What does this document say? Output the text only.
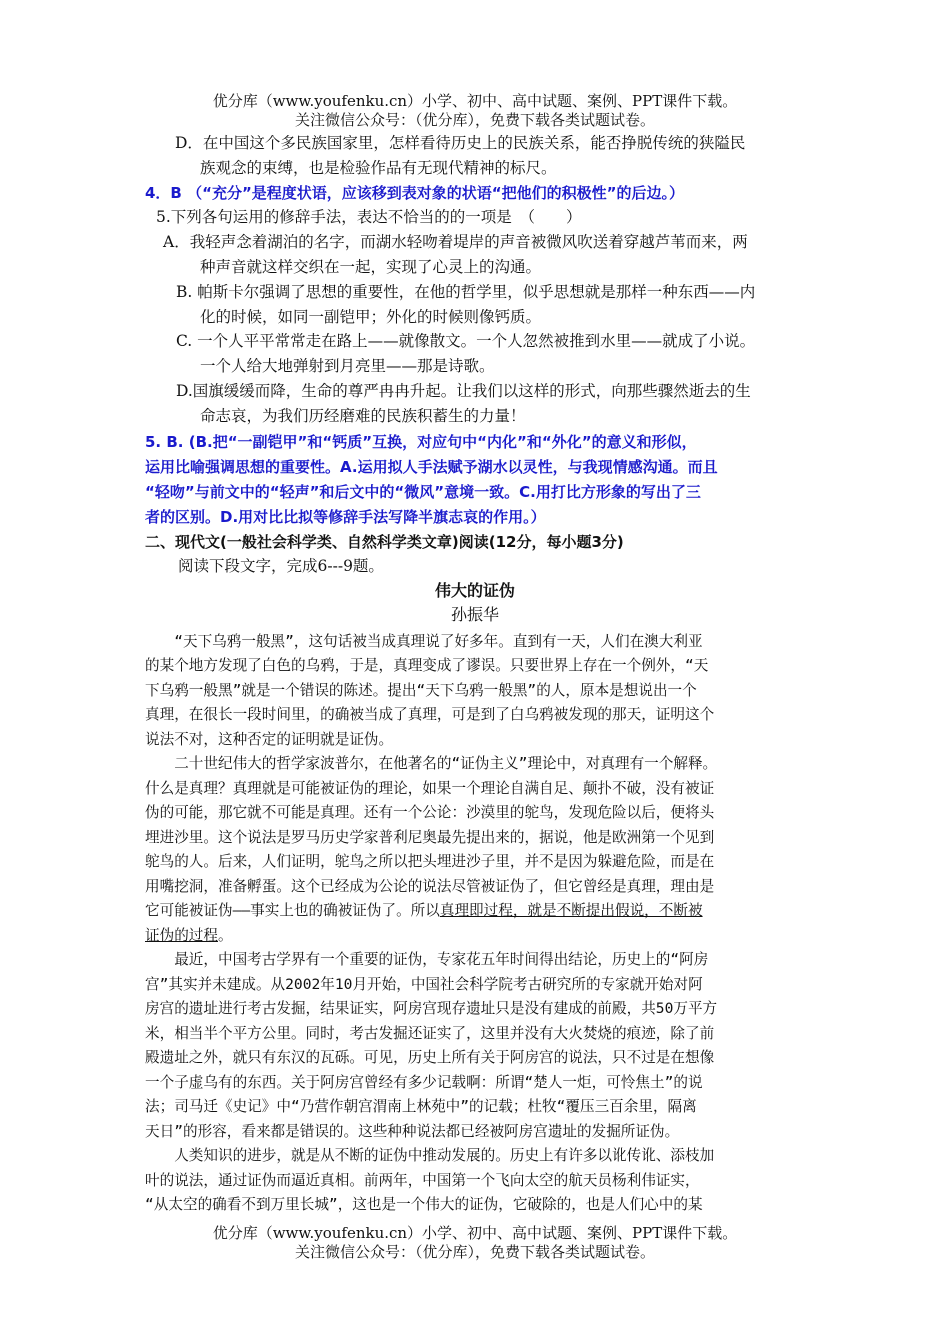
优分库（www.youfenku.cn）小学、初中、高中试题、案例、PPT课件下载。
关注微信公众号：（优分库），免费下载各类试题试卷。
D．在中国这个多民族国家里，怎样看待历史上的民族关系，能否挣脱传统的狭隘民
族观念的束缚，也是检验作品有无现代精神的标尺。
4．B （“充分”是程度状语，应该移到表对象的状语“把他们的积极性”的后边。）
5.下列各句运用的修辞手法，表达不恰当的的一项是　（　　）
A．我轻声念着湖泊的名字，而湖水轻吻着堤岸的声音被微风吹送着穿越芦苇而来，两
种声音就这样交织在一起，实现了心灵上的沟通。
B. 帕斯卡尔强调了思想的重要性，在他的哲学里，似乎思想就是那样一种东西——内
化的时候，如同一副铠甲；外化的时候则像钙质。
C. 一个人平平常常走在路上——就像散文。一个人忽然被推到水里——就成了小说。
一个人给大地弹射到月亮里——那是诗歌。
D.国旗缓缓而降，生命的尊严冉冉升起。让我们以这样的形式，向那些骤然逝去的生
命志哀，为我们历经磨难的民族积蓄生的力量！
5. B. (B.把“一副铠甲”和“钙质”互换，对应句中“内化”和“外化”的意义和形似，
运用比喻强调思想的重要性。A.运用拟人手法赋予湖水以灵性，与我现情感沟通。而且
“轻吻”与前文中的“轻声”和后文中的“微风”意境一致。C.用打比方形象的写出了三
者的区别。D.用对比比拟等修辞手法写降半旗志哀的作用。）
二、现代文(一般社会科学类、自然科学类文章)阅读(12分，每小题3分)
阅读下段文字，完成6---9题。
伟大的证伪
孙振华
　　“天下乌鸦一般黑”，这句话被当成真理说了好多年。直到有一天，人们在澳大利亚
的某个地方发现了白色的乌鸦，于是，真理变成了谬误。只要世界上存在一个例外，“天
下乌鸦一般黑”就是一个错误的陈述。提出“天下乌鸦一般黑”的人，原本是想说出一个
真理，在很长一段时间里，的确被当成了真理，可是到了白乌鸦被发现的那天，证明这个
说法不对，这种否定的证明就是证伪。
　　二十世纪伟大的哲学家波普尔，在他著名的“证伪主义”理论中，对真理有一个解释。
什么是真理？真理就是可能被证伪的理论，如果一个理论自满自足、颠扑不破，没有被证
伪的可能，那它就不可能是真理。还有一个公论：沙漠里的鸵鸟，发现危险以后，便将头
埋进沙里。这个说法是罗马历史学家普利尼奥最先提出来的，据说，他是欧洲第一个见到
鸵鸟的人。后来，人们证明，鸵鸟之所以把头埋进沙子里，并不是因为躲避危险，而是在
用嘴挖洞，准备孵蛋。这个已经成为公论的说法尽管被证伪了，但它曾经是真理，理由是
它可能被证伪——事实上也的确被证伪了。所以真理即过程，就是不断提出假说，不断被
证伪的过程。
　　最近，中国考古学界有一个重要的证伪，专家花五年时间得出结论，历史上的“阿房
宫”其实并未建成。从2002年10月开始，中国社会科学院考古研究所的专家就开始对阿
房宫的遗址进行考古发掘，结果证实，阿房宫现存遗址只是没有建成的前殿，共50万平方
米，相当半个平方公里。同时，考古发掘还证实了，这里并没有大火焚烧的痕迹，除了前
殿遗址之外，就只有东汉的瓦砾。可见，历史上所有关于阿房宫的说法，只不过是在想像
一个子虚乌有的东西。关于阿房宫曾经有多少记载啊：所谓“楚人一炬，可怜焦土”的说
法；司马迁《史记》中“乃营作朝宫渭南上林苑中”的记载；杜牧“覆压三百余里，隔离
天日”的形容，看来都是错误的。这些种种说法都已经被阿房宫遗址的发掘所证伪。
　　人类知识的进步，就是从不断的证伪中推动发展的。历史上有许多以讹传讹、添枝加
叶的说法，通过证伪而逼近真相。前两年，中国第一个飞向太空的航天员杨利伟证实，
“从太空的确看不到万里长城”，这也是一个伟大的证伪，它破除的，也是人们心中的某
优分库（www.youfenku.cn）小学、初中、高中试题、案例、PPT课件下载。
关注微信公众号：（优分库），免费下载各类试题试卷。
